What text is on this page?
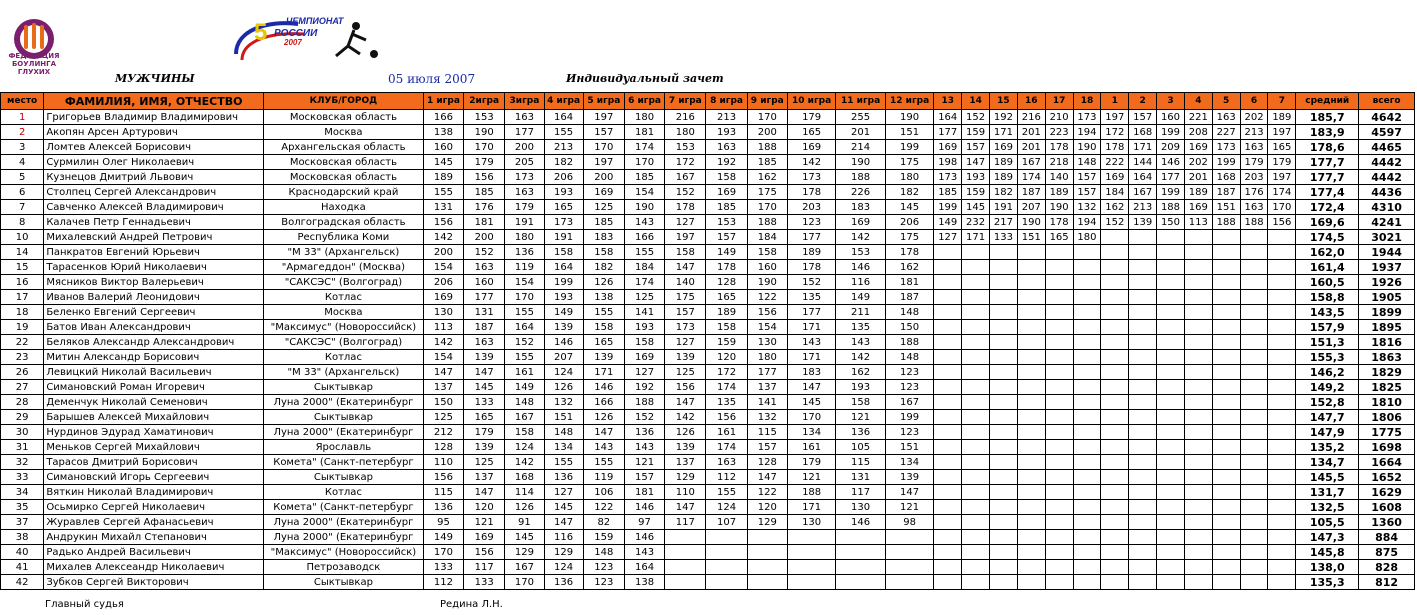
ФЕДЕРАЦИЯ
БОУЛИНГА
ГЛУХИХ
5 ЧЕМПИОНАТ
РОССИИ
2007
МУЖЧИНЫ	05 июля 2007	Индивидуальный зачет
место	ФАМИЛИЯ, ИМЯ, ОТЧЕСТВО	КЛУБ/ГОРОД	1 игра	2игра	3игра	4 игра	5 игра	6 игра	7 игра	8 игра	9 игра	10 игра	11 игра	12 игра	13	14	15	16	17	18	1	2	3	4	5	6	7	средний	всего
1	Григорьев Владимир Владимирович	Московская область	166	153	163	164	197	180	216	213	170	179	255	190	164	152	192	216	210	173	197	157	160	221	163	202	189	185,7	4642
2	Акопян Арсен Артурович	Москва	138	190	177	155	157	181	180	193	200	165	201	151	177	159	171	201	223	194	172	168	199	208	227	213	197	183,9	4597
3	Ломтев Алексей Борисович	Архангельская область	160	170	200	213	170	174	153	163	188	169	214	199	169	157	169	201	178	190	178	171	209	169	173	163	165	178,6	4465
4	Сурмилин Олег Николаевич	Московская область	145	179	205	182	197	170	172	192	185	142	190	175	198	147	189	167	218	148	222	144	146	202	199	179	179	177,7	4442
5	Кузнецов Дмитрий Львович	Московская область	189	156	173	206	200	185	167	158	162	173	188	180	173	193	189	174	140	157	169	164	177	201	168	203	197	177,7	4442
6	Столпец Сергей Александрович	Краснодарский край	155	185	163	193	169	154	152	169	175	178	226	182	185	159	182	187	189	157	184	167	199	189	187	176	174	177,4	4436
7	Савченко Алексей Владимирович	Находка	131	176	179	165	125	190	178	185	170	203	183	145	199	145	191	207	190	132	162	213	188	169	151	163	170	172,4	4310
8	Калачев Петр Геннадьевич	Волгоградская область	156	181	191	173	185	143	127	153	188	123	169	206	149	232	217	190	178	194	152	139	150	113	188	188	156	169,6	4241
10	Михалевский Андрей Петрович	Республика Коми	142	200	180	191	183	166	197	157	184	177	142	175	127	171	133	151	165	180								174,5	3021
14	Панкратов Евгений Юрьевич	"М 33" (Архангельск)	200	152	136	158	158	155	158	149	158	189	153	178														162,0	1944
15	Тарасенков Юрий Николаевич	"Армагеддон" (Москва)	154	163	119	164	182	184	147	178	160	178	146	162														161,4	1937
16	Мясников Виктор Валерьевич	"САКСЭС" (Волгоград)	206	160	154	199	126	174	140	128	190	152	116	181														160,5	1926
17	Иванов Валерий Леонидович	Котлас	169	177	170	193	138	125	175	165	122	135	149	187														158,8	1905
18	Беленко Евгений Сергеевич	Москва	130	131	155	149	155	141	157	189	156	177	211	148														143,5	1899
19	Батов Иван Александрович	"Максимус" (Новороссийск)	113	187	164	139	158	193	173	158	154	171	135	150														157,9	1895
22	Беляков Александр Александрович	"САКСЭС" (Волгоград)	142	163	152	146	165	158	127	159	130	143	143	188														151,3	1816
23	Митин Александр Борисович	Котлас	154	139	155	207	139	169	139	120	180	171	142	148														155,3	1863
26	Левицкий Николай Васильевич	"М 33" (Архангельск)	147	147	161	124	171	127	125	172	177	183	162	123														146,2	1829
27	Симановский Роман Игоревич	Сыктывкар	137	145	149	126	146	192	156	174	137	147	193	123														149,2	1825
28	Деменчук Николай Семенович	Луна 2000" (Екатеринбург	150	133	148	132	166	188	147	135	141	145	158	167														152,8	1810
29	Барышев Алексей Михайлович	Сыктывкар	125	165	167	151	126	152	142	156	132	170	121	199														147,7	1806
30	Нурдинов Эдурад Хаматинович	Луна 2000" (Екатеринбург	212	179	158	148	147	136	126	161	115	134	136	123														147,9	1775
31	Меньков Сергей Михайлович	Ярославль	128	139	124	134	143	143	139	174	157	161	105	151														135,2	1698
32	Тарасов Дмитрий Борисович	Комета" (Санкт-петербург	110	125	142	155	155	121	137	163	128	179	115	134														134,7	1664
33	Симановский Игорь Сергеевич	Сыктывкар	156	137	168	136	119	157	129	112	147	121	131	139														145,5	1652
34	Вяткин Николай Владимирович	Котлас	115	147	114	127	106	181	110	155	122	188	117	147														131,7	1629
35	Осьмирко Сергей Николаевич	Комета" (Санкт-петербург	136	120	126	145	122	146	147	124	120	171	130	121														132,5	1608
37	Журавлев Сергей Афанасьевич	Луна 2000" (Екатеринбург	95	121	91	147	82	97	117	107	129	130	146	98														105,5	1360
38	Андрукин Михайл Степанович	Луна 2000" (Екатеринбург	149	169	145	116	159	146																				147,3	884
40	Радько Андрей Васильевич	"Максимус" (Новороссийск)	170	156	129	129	148	143																				145,8	875
41	Михалев Алексеандр Николаевич	Петрозаводск	133	117	167	124	123	164																				138,0	828
42	Зубков Сергей Викторович	Сыктывкар	112	133	170	136	123	138																				135,3	812
Главный судья	Редина Л.Н.
